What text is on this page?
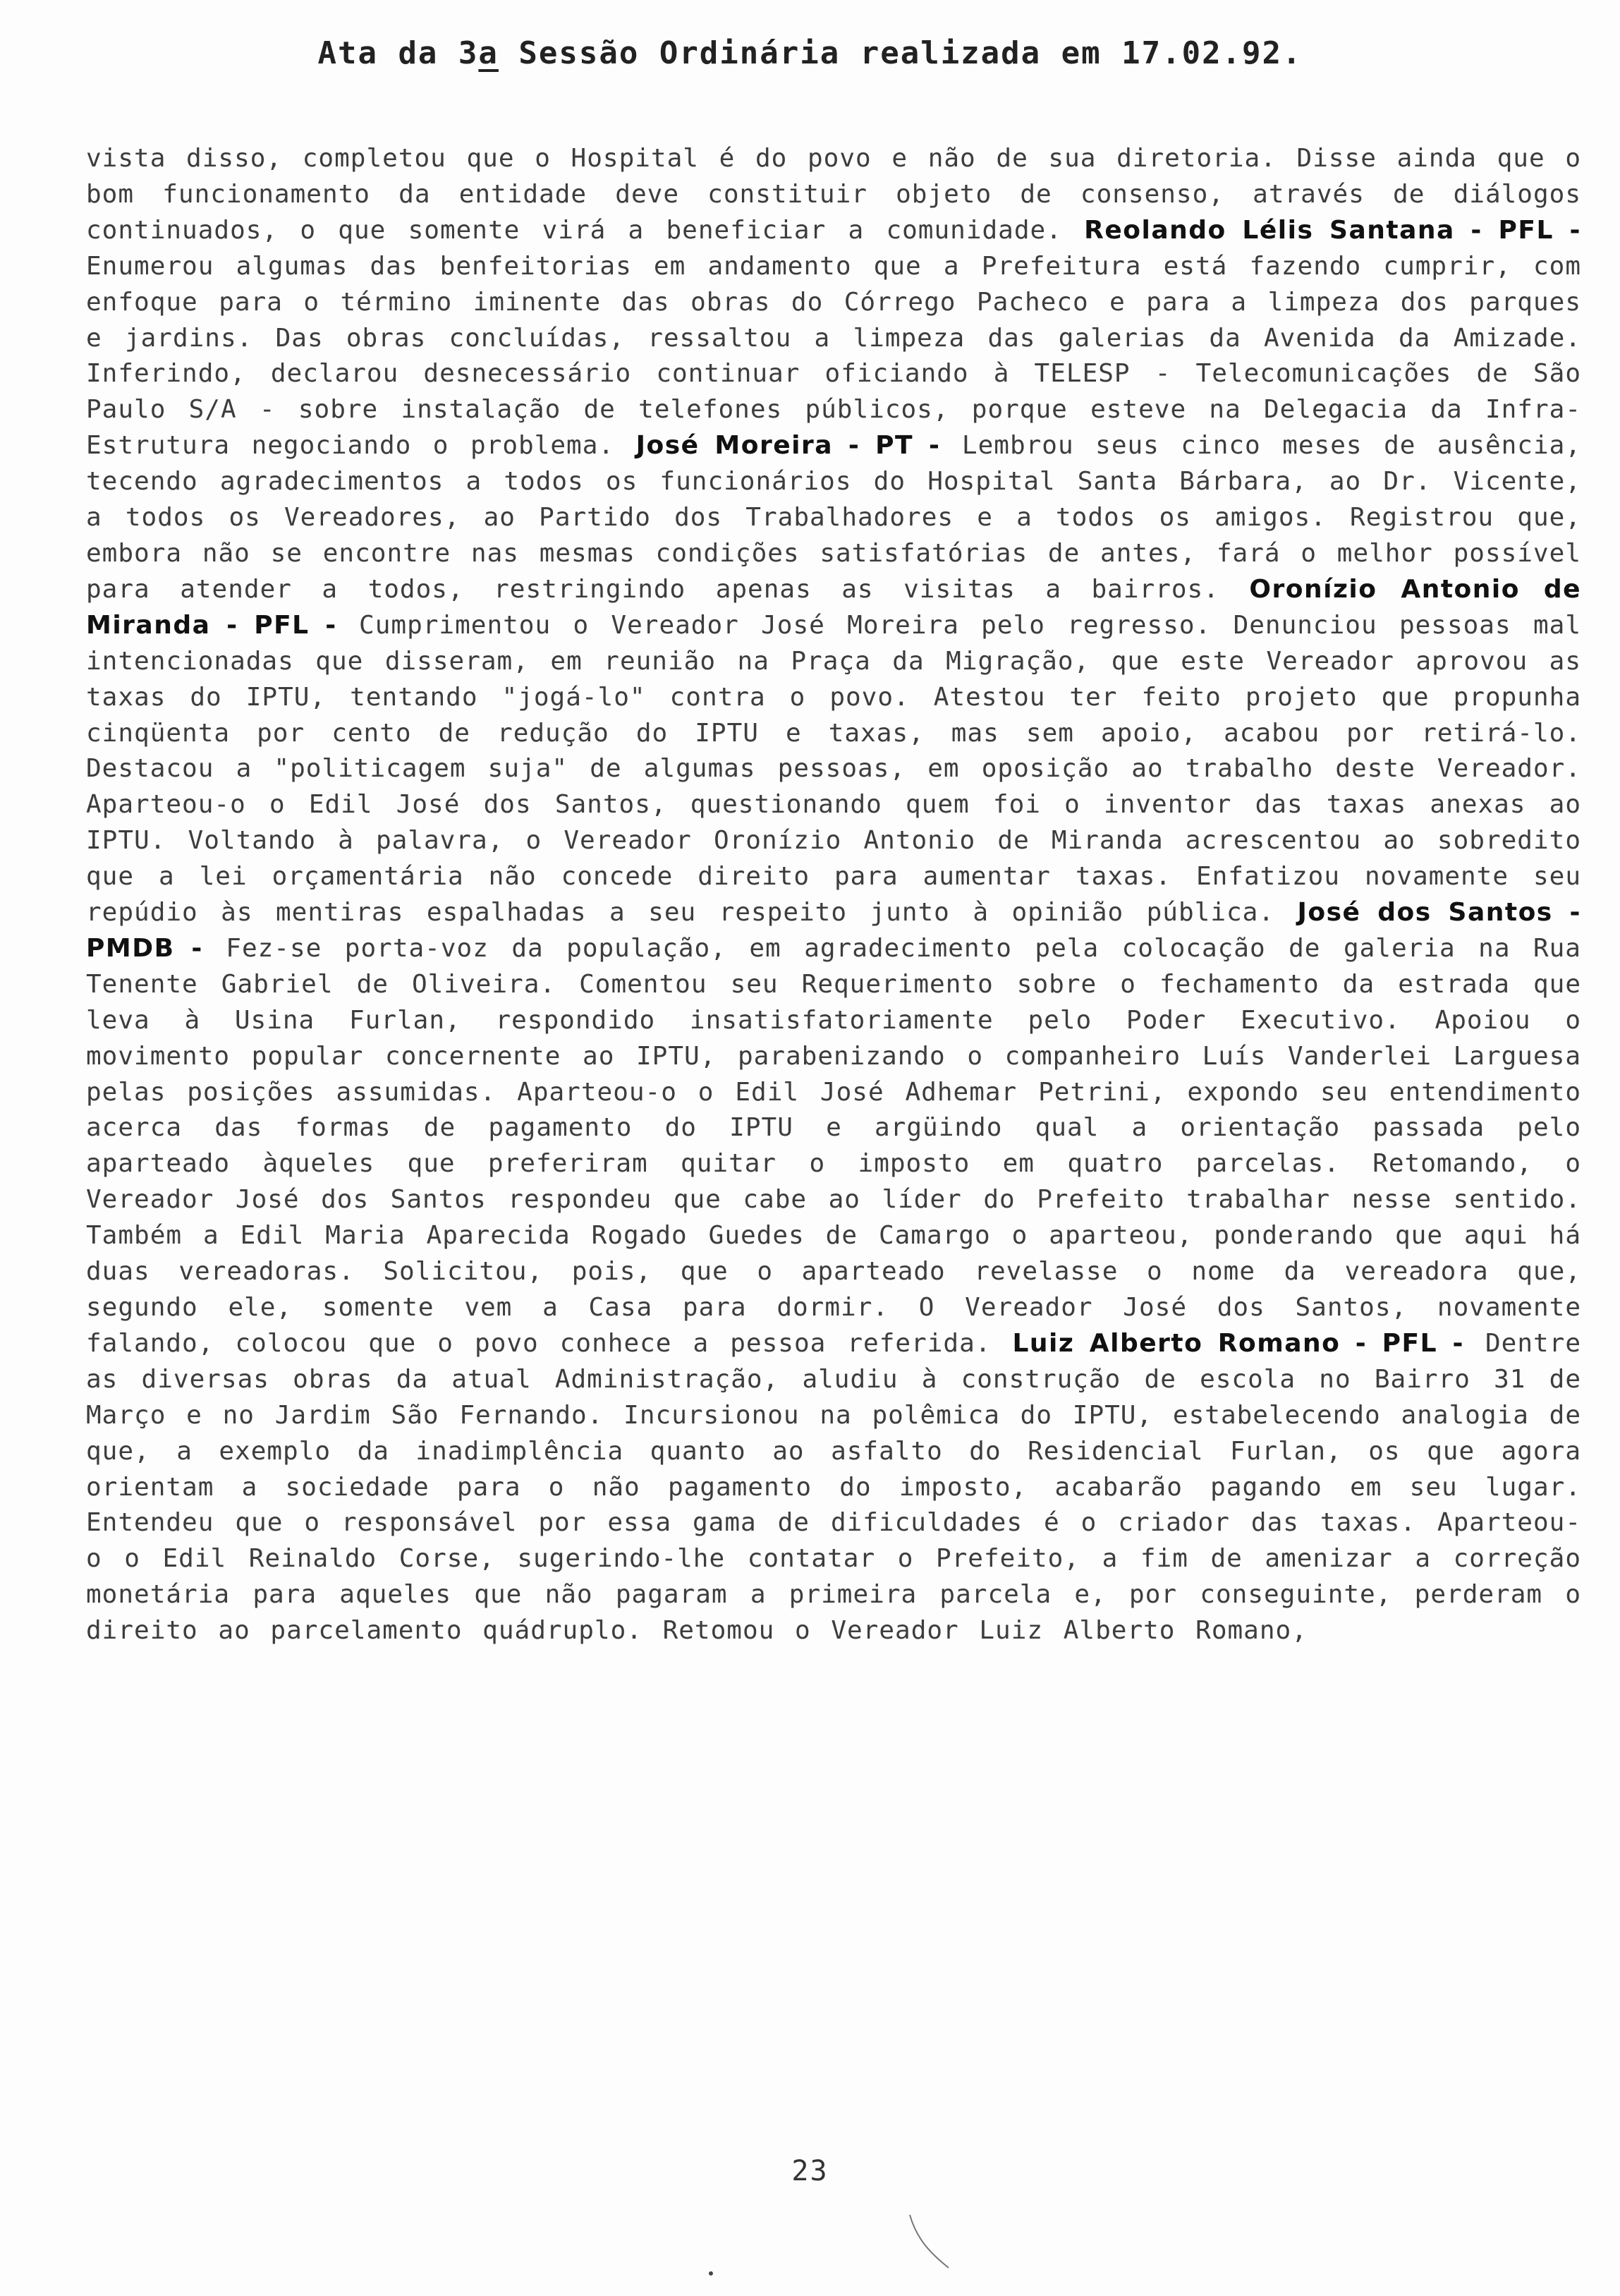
Ata da 3a Sessão Ordinária realizada em 17.02.92.
vista disso, completou que o Hospital é do povo e não de sua diretoria. Disse ainda que o bom funcionamento da entidade deve constituir objeto de consenso, através de diálogos continuados, o que somente virá a beneficiar a comunidade. Reolando Lélis Santana - PFL - Enumerou algumas das benfeitorias em andamento que a Prefeitura está fazendo cumprir, com enfoque para o término iminente das obras do Córrego Pacheco e para a limpeza dos parques e jardins. Das obras concluídas, ressaltou a limpeza das galerias da Avenida da Amizade. Inferindo, declarou desnecessário continuar oficiando à TELESP - Telecomunicações de São Paulo S/A - sobre instalação de telefones públicos, porque esteve na Delegacia da Infra-Estrutura negociando o problema. José Moreira - PT - Lembrou seus cinco meses de ausência, tecendo agradecimentos a todos os funcionários do Hospital Santa Bárbara, ao Dr. Vicente, a todos os Vereadores, ao Partido dos Trabalhadores e a todos os amigos. Registrou que, embora não se encontre nas mesmas condições satisfatórias de antes, fará o melhor possível para atender a todos, restringindo apenas as visitas a bairros. Oronízio Antonio de Miranda - PFL - Cumprimentou o Vereador José Moreira pelo regresso. Denunciou pessoas mal intencionadas que disseram, em reunião na Praça da Migração, que este Vereador aprovou as taxas do IPTU, tentando "jogá-lo" contra o povo. Atestou ter feito projeto que propunha cinqüenta por cento de redução do IPTU e taxas, mas sem apoio, acabou por retirá-lo. Destacou a "politicagem suja" de algumas pessoas, em oposição ao trabalho deste Vereador. Aparteou-o o Edil José dos Santos, questionando quem foi o inventor das taxas anexas ao IPTU. Voltando à palavra, o Vereador Oronízio Antonio de Miranda acrescentou ao sobredito que a lei orçamentária não concede direito para aumentar taxas. Enfatizou novamente seu repúdio às mentiras espalhadas a seu respeito junto à opinião pública. José dos Santos - PMDB - Fez-se porta-voz da população, em agradecimento pela colocação de galeria na Rua Tenente Gabriel de Oliveira. Comentou seu Requerimento sobre o fechamento da estrada que leva à Usina Furlan, respondido insatisfatoriamente pelo Poder Executivo. Apoiou o movimento popular concernente ao IPTU, parabenizando o companheiro Luís Vanderlei Larguesa pelas posições assumidas. Aparteou-o o Edil José Adhemar Petrini, expondo seu entendimento acerca das formas de pagamento do IPTU e argüindo qual a orientação passada pelo aparteado àqueles que preferiram quitar o imposto em quatro parcelas. Retomando, o Vereador José dos Santos respondeu que cabe ao líder do Prefeito trabalhar nesse sentido. Também a Edil Maria Aparecida Rogado Guedes de Camargo o aparteou, ponderando que aqui há duas vereadoras. Solicitou, pois, que o aparteado revelasse o nome da vereadora que, segundo ele, somente vem a Casa para dormir. O Vereador José dos Santos, novamente falando, colocou que o povo conhece a pessoa referida. Luiz Alberto Romano - PFL - Dentre as diversas obras da atual Administração, aludiu à construção de escola no Bairro 31 de Março e no Jardim São Fernando. Incursionou na polêmica do IPTU, estabelecendo analogia de que, a exemplo da inadimplência quanto ao asfalto do Residencial Furlan, os que agora orientam a sociedade para o não pagamento do imposto, acabarão pagando em seu lugar. Entendeu que o responsável por essa gama de dificuldades é o criador das taxas. Aparteou-o o Edil Reinaldo Corse, sugerindo-lhe contatar o Prefeito, a fim de amenizar a correção monetária para aqueles que não pagaram a primeira parcela e, por conseguinte, perderam o direito ao parcelamento quádruplo. Retomou o Vereador Luiz Alberto Romano,
23
